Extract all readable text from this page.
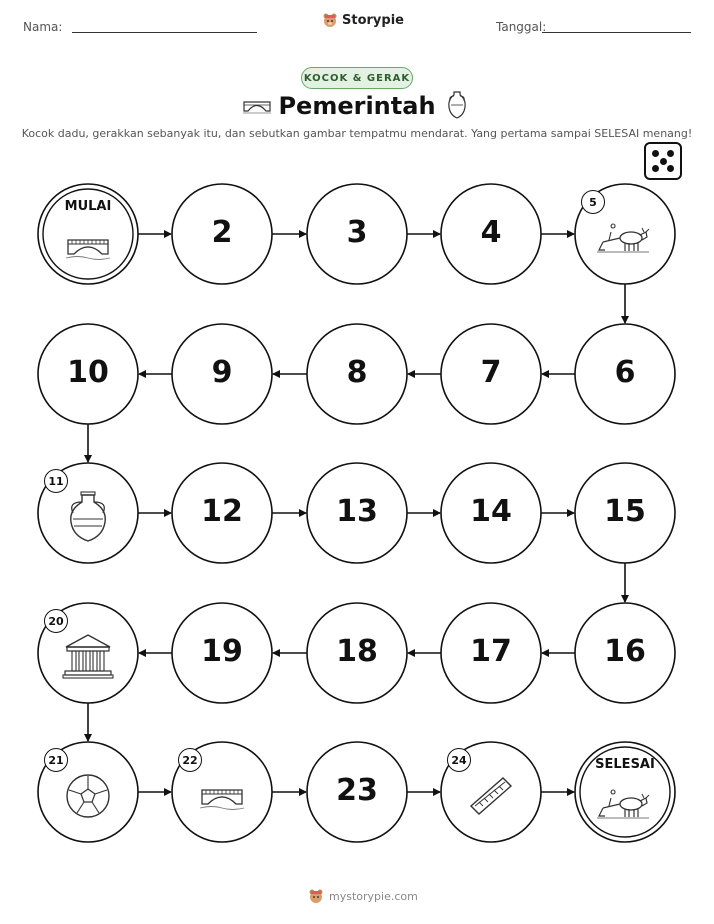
Nama:	Storypie	Tanggal:
KOCOK & GERAK
Pemerintah
Kocok dadu, gerakkan sebanyak itu, dan sebutkan gambar tempatmu mendarat. Yang pertama sampai SELESAI menang!
MULAI
2	3	4
5
6
7
8
9
10
11
12	13	14	15
16
17
18
19
20
21	22
23
24	SELESAI
mystorypie.com
